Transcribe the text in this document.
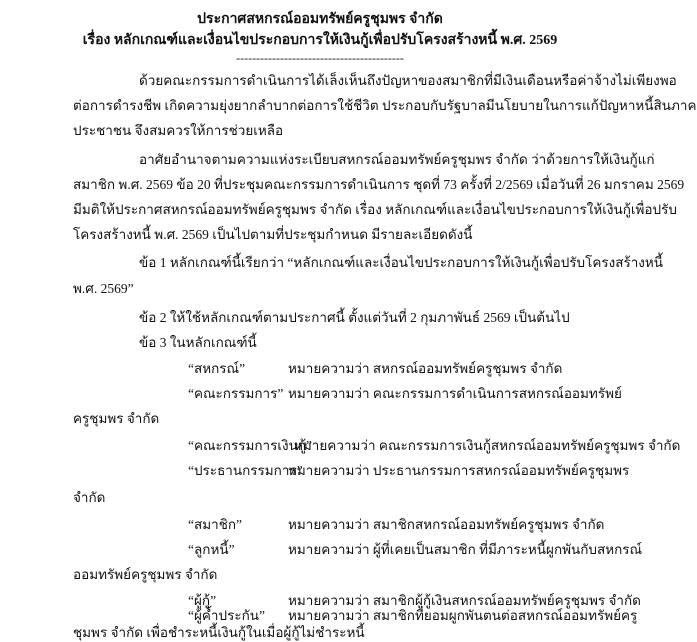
ประกาศสหกรณ์ออมทรัพย์ครูชุมพร จำกัด
เรื่อง หลักเกณฑ์และเงื่อนไขประกอบการให้เงินกู้เพื่อปรับโครงสร้างหนี้ พ.ศ. 2569
------------------------------------------
ด้วยคณะกรรมการดำเนินการได้เล็งเห็นถึงปัญหาของสมาชิกที่มีเงินเดือนหรือค่าจ้างไม่เพียงพอ
ต่อการดำรงชีพ เกิดความยุ่งยากลำบากต่อการใช้ชีวิต ประกอบกับรัฐบาลมีนโยบายในการแก้ปัญหาหนี้สินภาค
ประชาชน จึงสมควรให้การช่วยเหลือ
อาศัยอำนาจตามความแห่งระเบียบสหกรณ์ออมทรัพย์ครูชุมพร จำกัด ว่าด้วยการให้เงินกู้แก่
สมาชิก พ.ศ. 2569 ข้อ 20 ที่ประชุมคณะกรรมการดำเนินการ ชุดที่ 73 ครั้งที่ 2/2569 เมื่อวันที่ 26 มกราคม 2569
มีมติให้ประกาศสหกรณ์ออมทรัพย์ครูชุมพร จำกัด เรื่อง หลักเกณฑ์และเงื่อนไขประกอบการให้เงินกู้เพื่อปรับ
โครงสร้างหนี้ พ.ศ. 2569 เป็นไปตามที่ประชุมกำหนด มีรายละเอียดดังนี้
ข้อ 1 หลักเกณฑ์นี้เรียกว่า “หลักเกณฑ์และเงื่อนไขประกอบการให้เงินกู้เพื่อปรับโครงสร้างหนี้
พ.ศ. 2569”
ข้อ 2 ให้ใช้หลักเกณฑ์ตามประกาศนี้ ตั้งแต่วันที่ 2 กุมภาพันธ์ 2569 เป็นต้นไป
ข้อ 3 ในหลักเกณฑ์นี้
“สหกรณ์”	หมายความว่า สหกรณ์ออมทรัพย์ครูชุมพร จำกัด
“คณะกรรมการ” หมายความว่า คณะกรรมการดำเนินการสหกรณ์ออมทรัพย์
ครูชุมพร จำกัด
“คณะกรรมการเงินกู้”
หมายความว่า คณะกรรมการเงินกู้สหกรณ์ออมทรัพย์ครูชุมพร จำกัด
“ประธานกรรมการ”
หมายความว่า ประธานกรรมการสหกรณ์ออมทรัพย์ครูชุมพร
จำกัด
“สมาชิก”	หมายความว่า สมาชิกสหกรณ์ออมทรัพย์ครูชุมพร จำกัด
“ลูกหนี้”	หมายความว่า ผู้ที่เคยเป็นสมาชิก ที่มีภาระหนี้ผูกพันกับสหกรณ์
ออมทรัพย์ครูชุมพร จำกัด
“ผู้กู้”	หมายความว่า สมาชิกผู้กู้เงินสหกรณ์ออมทรัพย์ครูชุมพร จำกัด
“ผู้ค้ำประกัน” หมายความว่า สมาชิกที่ยอมผูกพันตนต่อสหกรณ์ออมทรัพย์ครู
ชุมพร จำกัด เพื่อชำระหนี้เงินกู้ในเมื่อผู้กู้ไม่ชำระหนี้
